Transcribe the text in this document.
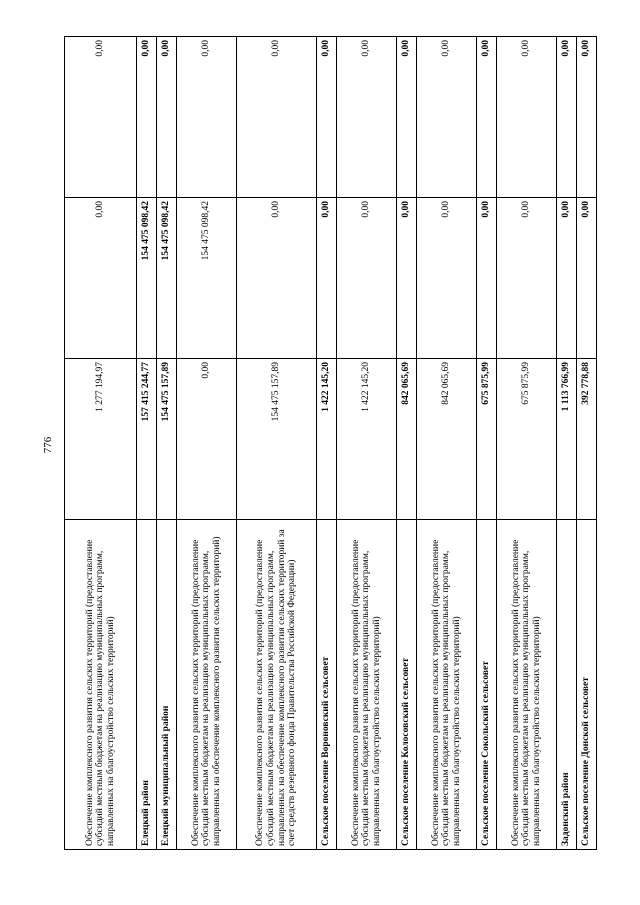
776
Обеспечение комплексного развития сельских территорий (предоставление субсидий местным бюджетам на реализацию муниципальных программ, направленных на благоустройство сельских территорий)	1 277 194,97	0,00	0,00
Елецкий район	157 415 244,77	154 475 098,42	0,00
Елецкий муниципальный район	154 475 157,89	154 475 098,42	0,00
Обеспечение комплексного развития сельских территорий (предоставление субсидий местным бюджетам на реализацию муниципальных программ, направленных на обеспечение комплексного развития сельских территорий)	0,00	154 475 098,42	0,00
Обеспечение комплексного развития сельских территорий (предоставление субсидий местным бюджетам на реализацию муниципальных программ, направленных на обеспечение комплексного развития сельских территорий за счет средств резервного фонда Правительства Российской Федерации)	154 475 157,89	0,00	0,00
Сельское поселение Вороновский сельсовет	1 422 145,20	0,00	0,00
Обеспечение комплексного развития сельских территорий (предоставление субсидий местным бюджетам на реализацию муниципальных программ, направленных на благоустройство сельских территорий)	1 422 145,20	0,00	0,00
Сельское поселение Колосовский сельсовет	842 065,69	0,00	0,00
Обеспечение комплексного развития сельских территорий (предоставление субсидий местным бюджетам на реализацию муниципальных программ, направленных на благоустройство сельских территорий)	842 065,69	0,00	0,00
Сельское поселение Сокольский сельсовет	675 875,99	0,00	0,00
Обеспечение комплексного развития сельских территорий (предоставление субсидий местным бюджетам на реализацию муниципальных программ, направленных на благоустройство сельских территорий)	675 875,99	0,00	0,00
Задонский район	1 113 766,99	0,00	0,00
Сельское поселение Донской сельсовет	392 778,88	0,00	0,00
